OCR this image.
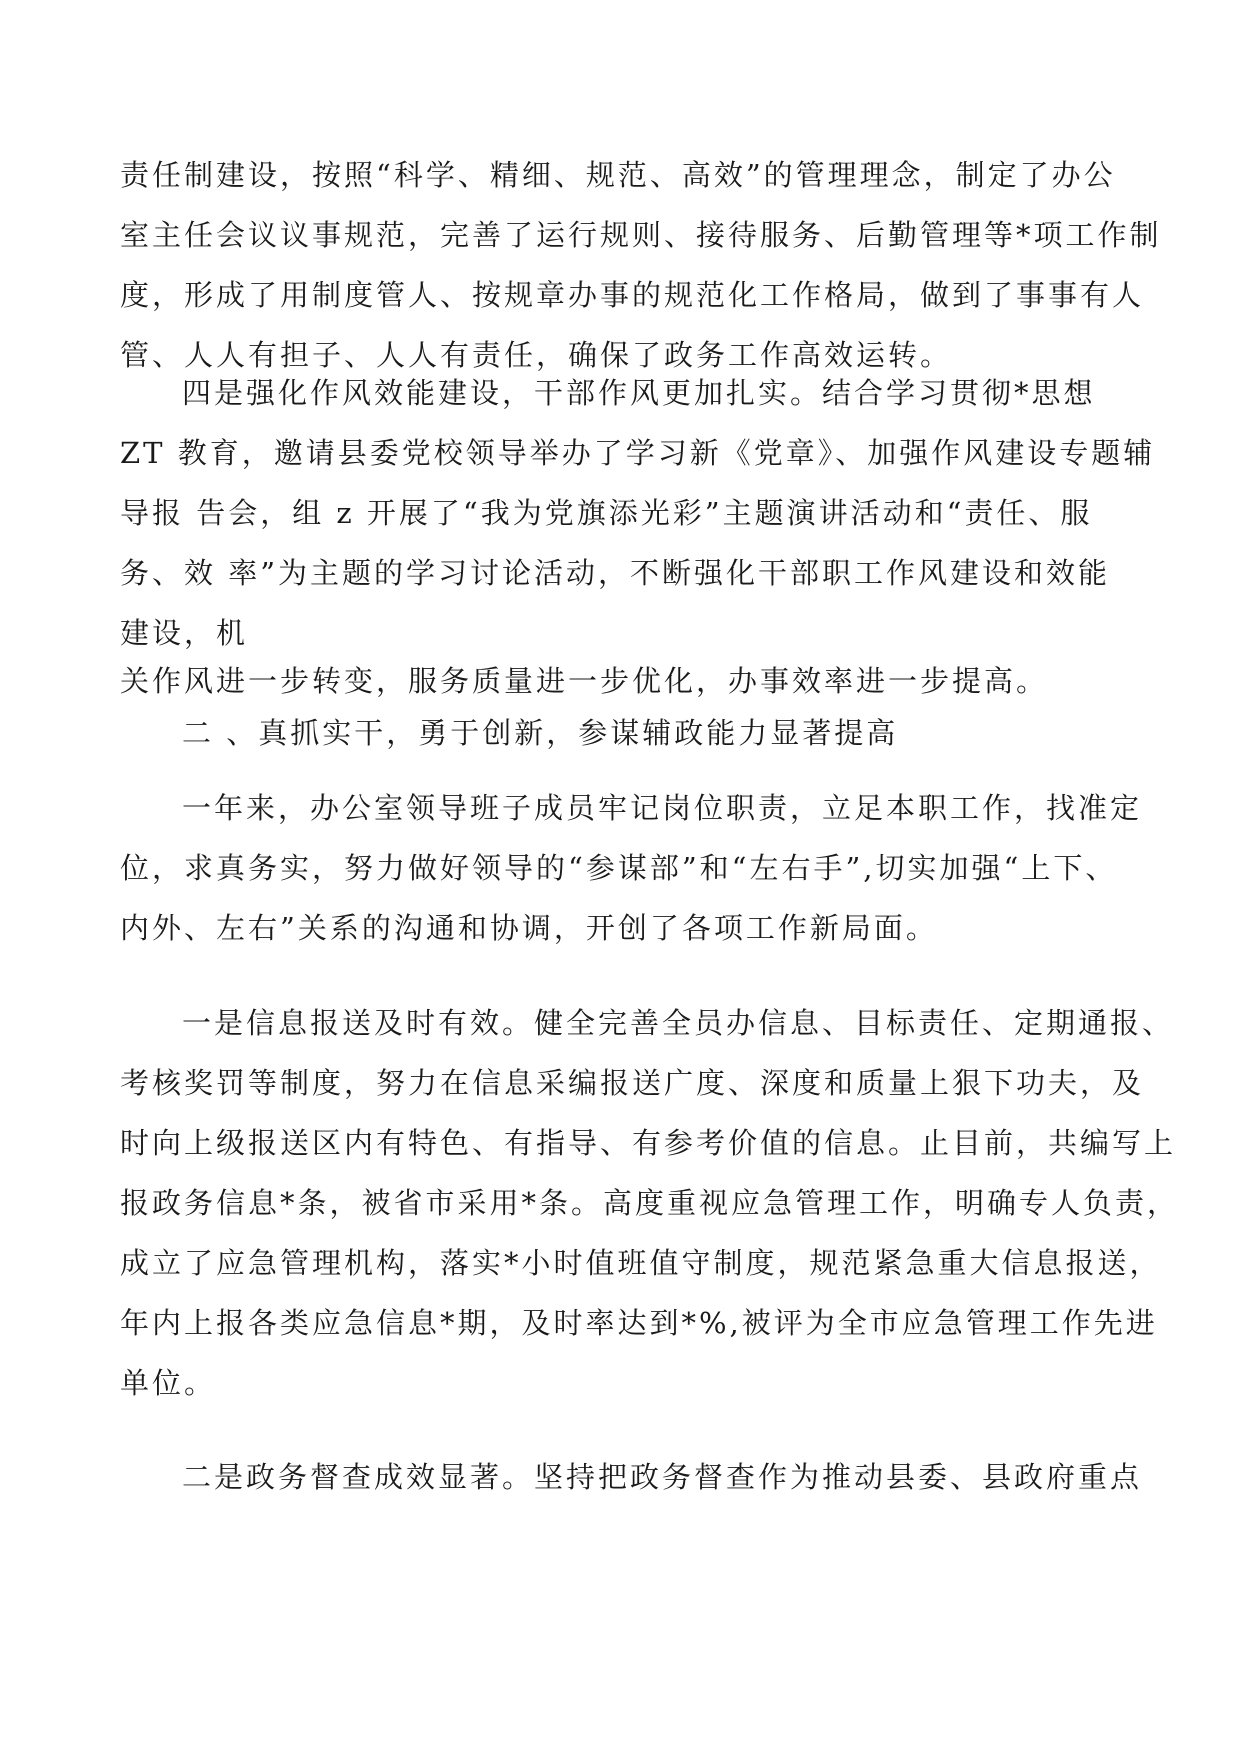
责任制建设，按照“科学、精细、规范、高效”的管理理念，制定了办公
室主任会议议事规范，完善了运行规则、接待服务、后勤管理等*项工作制
度，形成了用制度管人、按规章办事的规范化工作格局，做到了事事有人
管、人人有担子、人人有责任，确保了政务工作高效运转。
四是强化作风效能建设，干部作风更加扎实。结合学习贯彻*思想
ZT 教育，邀请县委党校领导举办了学习新《党章》、加强作风建设专题辅
导报 告会，组 z 开展了“我为党旗添光彩”主题演讲活动和“责任、服
务、效 率”为主题的学习讨论活动，不断强化干部职工作风建设和效能
建设，机
关作风进一步转变，服务质量进一步优化，办事效率进一步提高。
二 、真抓实干，勇于创新，参谋辅政能力显著提高
一年来，办公室领导班子成员牢记岗位职责，立足本职工作，找准定
位，求真务实，努力做好领导的“参谋部”和“左右手”,切实加强“上下、
内外、左右”关系的沟通和协调，开创了各项工作新局面。
一是信息报送及时有效。健全完善全员办信息、目标责任、定期通报、
考核奖罚等制度，努力在信息采编报送广度、深度和质量上狠下功夫，及
时向上级报送区内有特色、有指导、有参考价值的信息。止目前，共编写上
报政务信息*条，被省市采用*条。高度重视应急管理工作，明确专人负责，
成立了应急管理机构，落实*小时值班值守制度，规范紧急重大信息报送，
年内上报各类应急信息*期，及时率达到*%,被评为全市应急管理工作先进
单位。
二是政务督查成效显著。坚持把政务督查作为推动县委、县政府重点
